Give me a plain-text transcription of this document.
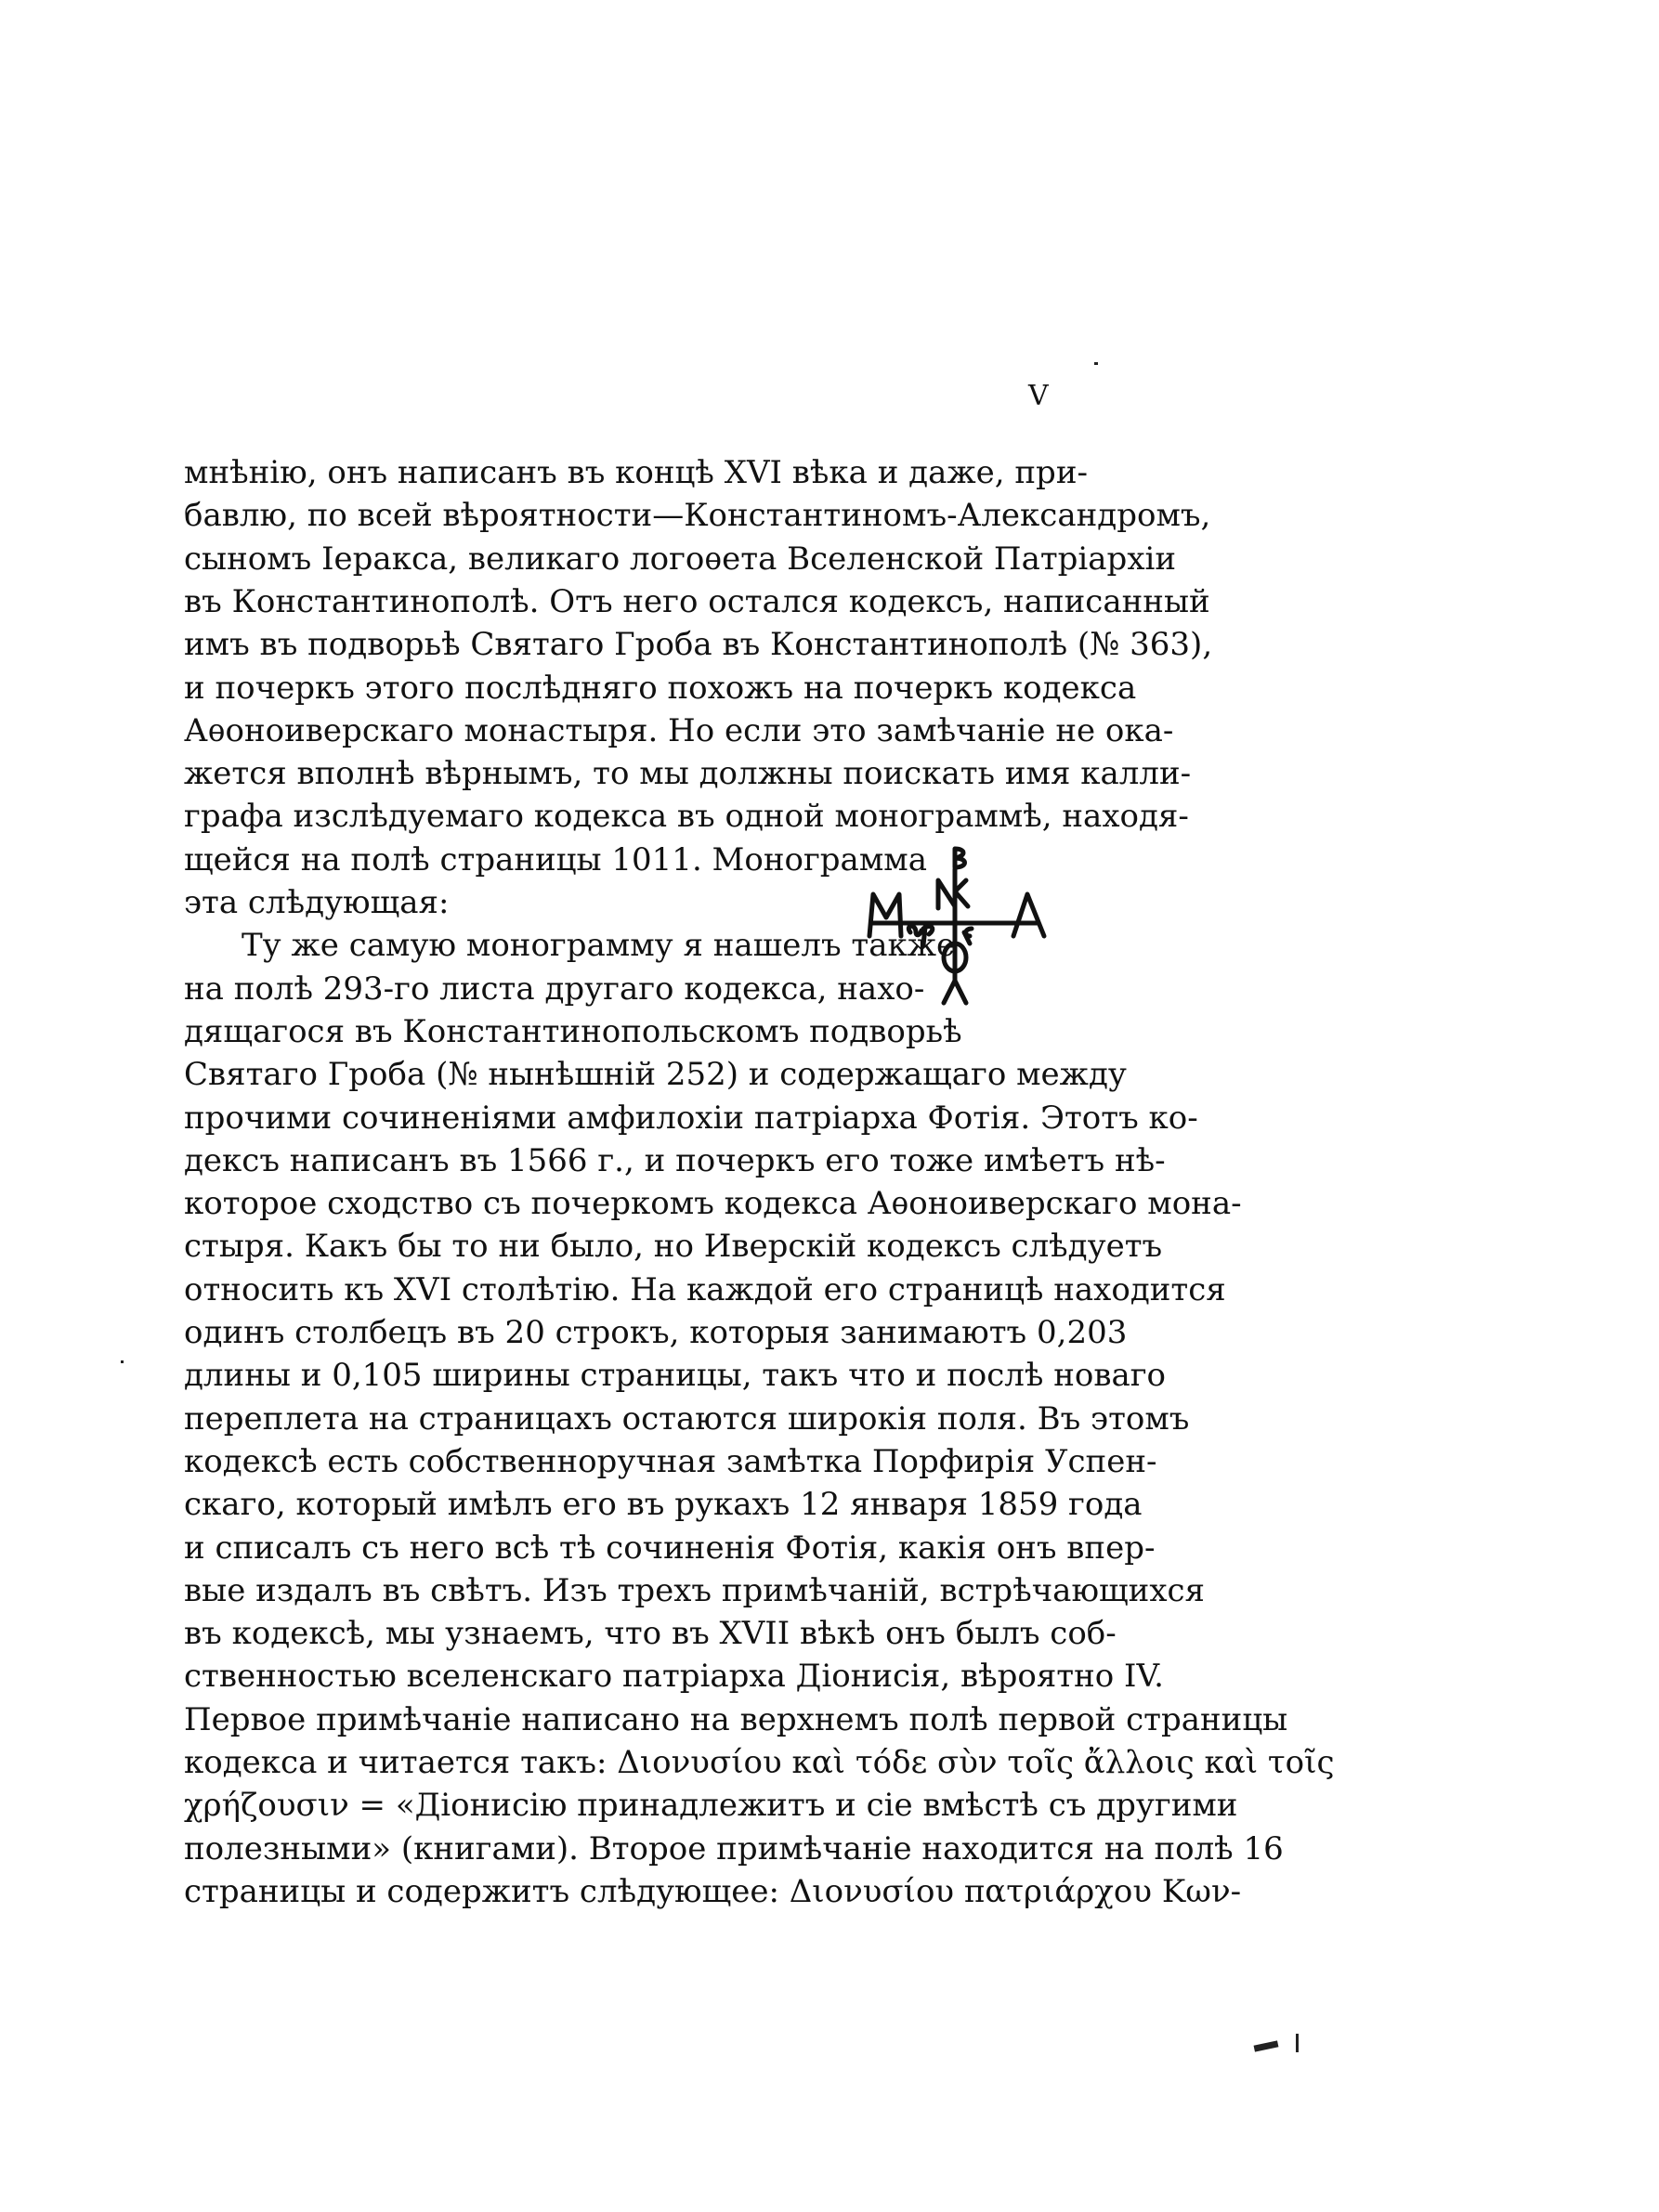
V
мнѣнію, онъ написанъ въ концѣ XVI вѣка и даже, при-
бавлю, по всей вѣроятности—Константиномъ-Александромъ,
сыномъ Іеракса, великаго логоѳета Вселенской Патріархіи
въ Константинополѣ. Отъ него остался кодексъ, написанный
имъ въ подворьѣ Святаго Гроба въ Константинополѣ (№ 363),
и почеркъ этого послѣдняго похожъ на почеркъ кодекса
Аѳоноиверскаго монастыря. Но если это замѣчаніе не ока-
жется вполнѣ вѣрнымъ, то мы должны поискать имя калли-
графа изслѣдуемаго кодекса въ одной монограммѣ, находя-
щейся на полѣ страницы 1011. Монограмма
эта слѣдующая:
Ту же самую монограмму я нашелъ также
на полѣ 293-го листа другаго кодекса, нахо-
дящагося въ Константинопольскомъ подворьѣ
Святаго Гроба (№ нынѣшній 252) и содержащаго между
прочими сочиненіями амфилохіи патріарха Фотія. Этотъ ко-
дексъ написанъ въ 1566 г., и почеркъ его тоже имѣетъ нѣ-
которое сходство съ почеркомъ кодекса Аѳоноиверскаго мона-
стыря. Какъ бы то ни было, но Иверскій кодексъ слѣдуетъ
относить къ XVI столѣтію. На каждой его страницѣ находится
одинъ столбецъ въ 20 строкъ, которыя занимаютъ 0,203
длины и 0,105 ширины страницы, такъ что и послѣ новаго
переплета на страницахъ остаются широкія поля. Въ этомъ
кодексѣ есть собственноручная замѣтка Порфирія Успен-
скаго, который имѣлъ его въ рукахъ 12 января 1859 года
и списалъ съ него всѣ тѣ сочиненія Фотія, какія онъ впер-
вые издалъ въ свѣтъ. Изъ трехъ примѣчаній, встрѣчающихся
въ кодексѣ, мы узнаемъ, что въ XVII вѣкѣ онъ былъ соб-
ственностью вселенскаго патріарха Діонисія, вѣроятно IV.
Первое примѣчаніе написано на верхнемъ полѣ первой страницы
кодекса и читается такъ: Διονυσίου καὶ τόδε σὺν τοῖς ἄλλοις καὶ τοῖς
χρήζουσιν = «Діонисію принадлежитъ и сіе вмѣстѣ съ другими
полезными» (книгами). Второе примѣчаніе находится на полѣ 16
страницы и содержитъ слѣдующее: Διονυσίου πατριάρχου Κων-
